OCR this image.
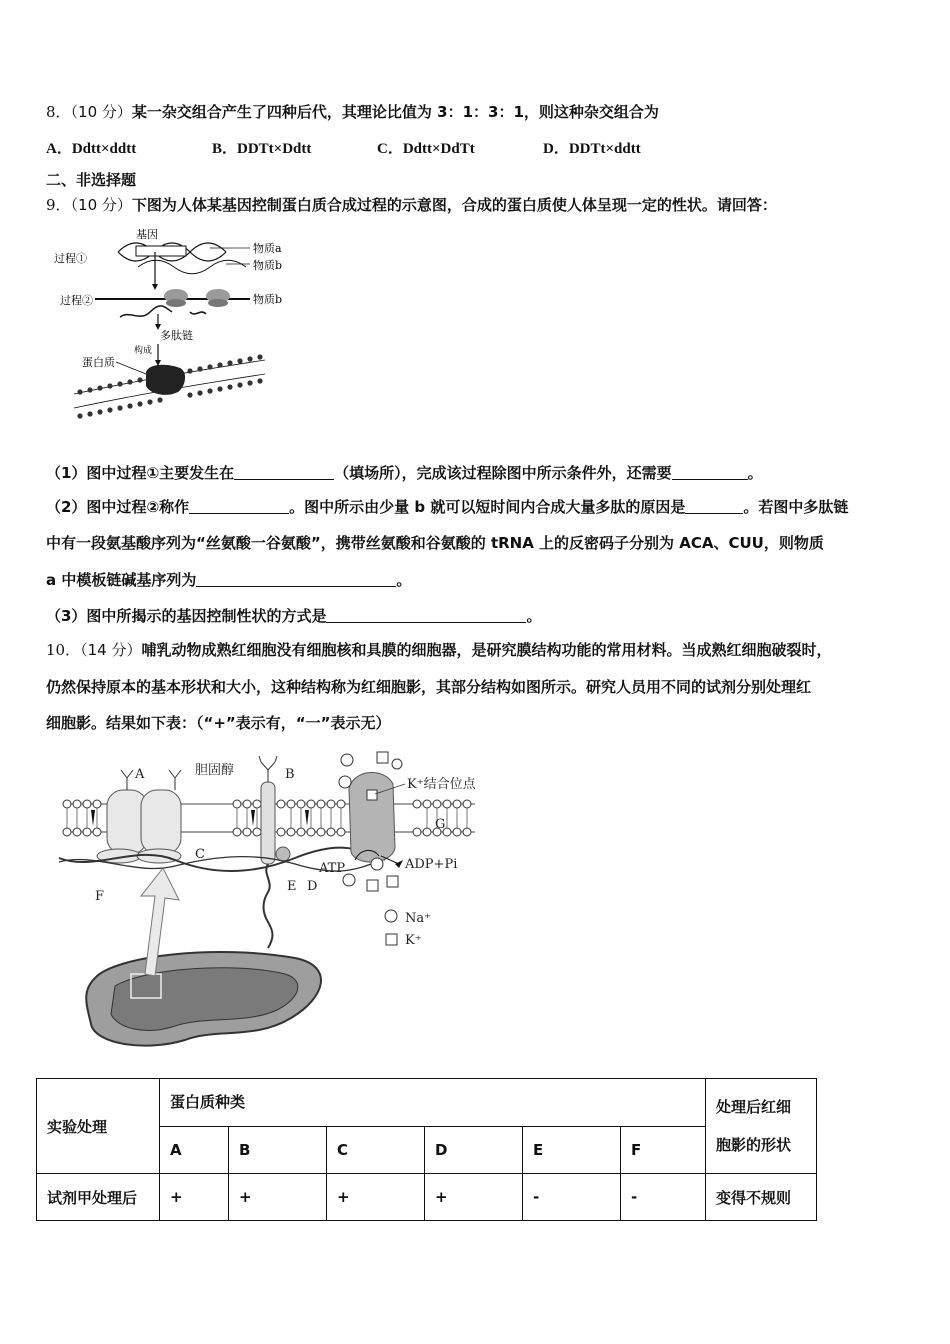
8．（10 分）某一杂交组合产生了四种后代，其理论比值为 3：1：3：1，则这种杂交组合为
A．Ddtt×ddtt	B．DDTt×Ddtt	C．Ddtt×DdTt	D．DDTt×ddtt
二、非选择题
9．（10 分）下图为人体某基因控制蛋白质合成过程的示意图，合成的蛋白质使人体呈现一定的性状。请回答：
基因
过程①
物质a
物质b
过程②	物质b
多肽链
构成
蛋白质
（1）图中过程①主要发生在	（填场所），完成该过程除图中所示条件外，还需要	。
（2）图中过程②称作	。图中所示由少量 b 就可以短时间内合成大量多肽的原因是	。若图中多肽链
中有一段氨基酸序列为“丝氨酸一谷氨酸”，携带丝氨酸和谷氨酸的 tRNA 上的反密码子分别为 ACA、CUU，则物质
a 中模板链碱基序列为	。
（3）图中所揭示的基因控制性状的方式是	。
10．（14 分）哺乳动物成熟红细胞没有细胞核和具膜的细胞器，是研究膜结构功能的常用材料。当成熟红细胞破裂时，
仍然保持原本的基本形状和大小，这种结构称为红细胞影，其部分结构如图所示。研究人员用不同的试剂分别处理红
细胞影。结果如下表：（“+”表示有，“一”表示无）
A	胆固醇	B
K⁺结合位点
G
C
ATP	ADP+Pi
E D
F
Na⁺
K⁺
实验处理	蛋白质种类						处理后红细
胞影的形状
	A	B	C	D	E	F	
试剂甲处理后	+	+	+	+	-	-	变得不规则
